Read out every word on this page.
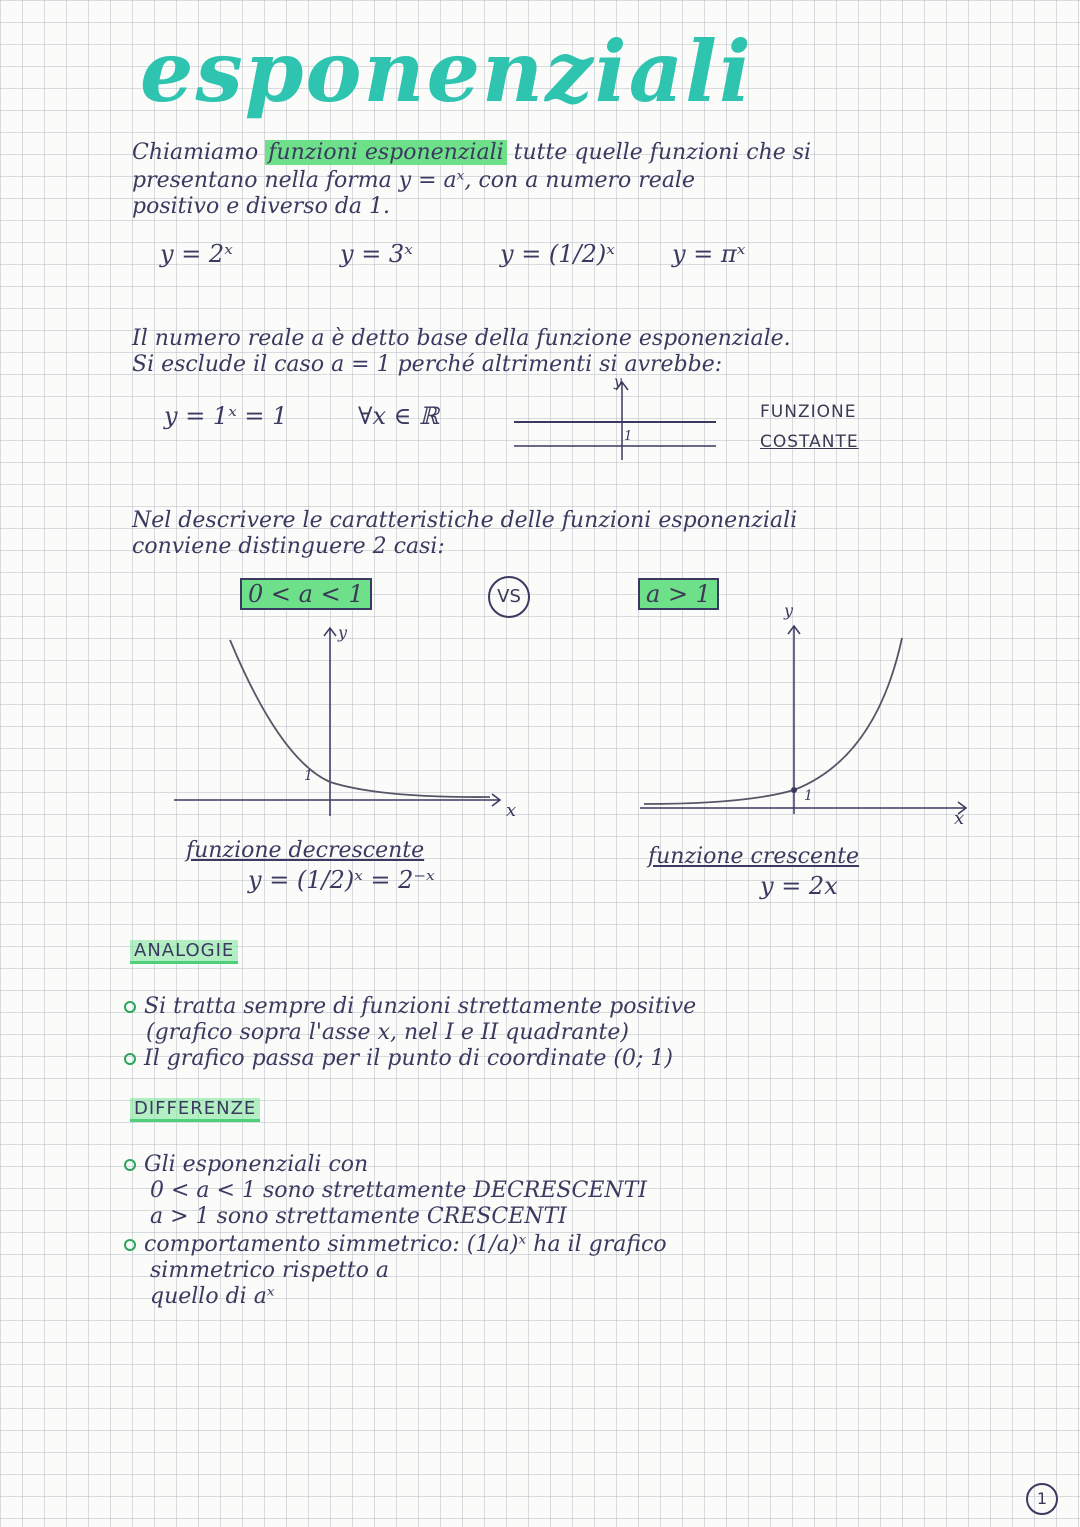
esponenziali
Chiamiamo funzioni esponenziali tutte quelle funzioni che si
presentano nella forma y = aˣ, con a numero reale
positivo e diverso da 1.
y = 2ˣ	y = 3ˣ	y = (1/2)ˣ y = πˣ
Il numero reale a è detto base della funzione esponenziale.
Si esclude il caso a = 1 perché altrimenti si avrebbe:
y = 1ˣ = 1	∀x ∈ ℝ
y
1
FUNZIONE
COSTANTE
Nel descrivere le caratteristiche delle funzioni esponenziali
conviene distinguere 2 casi:
0 < a < 1	VS	a > 1
y
x
1
funzione decrescente
y = (1/2)ˣ = 2⁻ˣ
y
x
1
funzione crescente
y = 2x
ANALOGIE
Si tratta sempre di funzioni strettamente positive
(grafico sopra l'asse x, nel I e II quadrante)
Il grafico passa per il punto di coordinate (0; 1)
DIFFERENZE
Gli esponenziali con
0 < a < 1 sono strettamente DECRESCENTI
a > 1 sono strettamente CRESCENTI
comportamento simmetrico: (1/a)ˣ ha il grafico
simmetrico rispetto a
quello di aˣ
1
